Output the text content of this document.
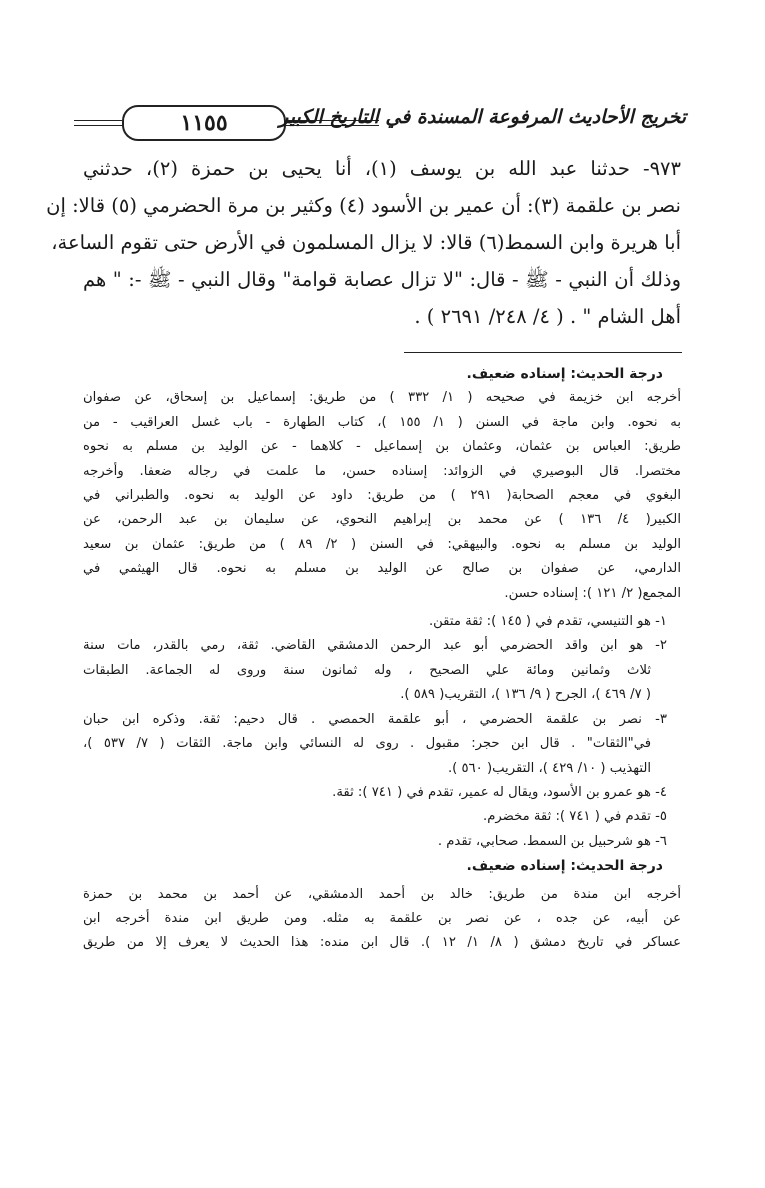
١١٥٥	تخريج الأحاديث المرفوعة المسندة في التاريخ الكبير
٩٧٣- حدثنا عبد الله بن يوسف (١)، أنا يحيى بن حمزة (٢)، حدثني
نصر بن علقمة (٣): أن عمير بن الأسود (٤) وكثير بن مرة الحضرمي (٥) قالا: إن
أبا هريرة وابن السمط(٦) قالا: لا يزال المسلمون في الأرض حتى تقوم الساعة،
وذلك أن النبي - ﷺ - قال: "لا تزال عصابة قوامة" وقال النبي - ﷺ -: " هم
أهل الشام " . ( ٤/ ٢٤٨/ ٢٦٩١ ) .
درجة الحديث: إسناده ضعيف.
أخرجه ابن خزيمة في صحيحه ( ١/ ٣٣٢ ) من طريق: إسماعيل بن إسحاق، عن صفوان
به نحوه. وابن ماجة في السنن ( ١/ ١٥٥ )، كتاب الطهارة - باب غسل العراقيب - من
طريق: العباس بن عثمان، وعثمان بن إسماعيل - كلاهما - عن الوليد بن مسلم به نحوه
مختصرا. قال البوصيري في الزوائد: إسناده حسن، ما علمت في رجاله ضعفا. وأخرجه
البغوي في معجم الصحابة( ٢٩١ ) من طريق: داود عن الوليد به نحوه. والطبراني في
الكبير( ٤/ ١٣٦ ) عن محمد بن إبراهيم النحوي، عن سليمان بن عبد الرحمن، عن
الوليد بن مسلم به نحوه. والبيهقي: في السنن ( ٢/ ٨٩ ) من طريق: عثمان بن سعيد
الدارمي، عن صفوان بن صالح عن الوليد بن مسلم به نحوه. قال الهيثمي في
المجمع( ٢/ ١٢١ ): إسناده حسن.
١- هو التنيسي، تقدم في ( ١٤٥ ): ثقة متقن.
٢- هو ابن واقد الحضرمي أبو عبد الرحمن الدمشقي القاضي. ثقة، رمي بالقدر، مات سنة
ثلاث وثمانين ومائة علي الصحيح ، وله ثمانون سنة وروى له الجماعة. الطبقات
( ٧/ ٤٦٩ )، الجرح ( ٩/ ١٣٦ )، التقريب( ٥٨٩ ).
٣- نصر بن علقمة الحضرمي ، أبو علقمة الحمصي . قال دحيم: ثقة. وذكره ابن حبان
في"الثقات" . قال ابن حجر: مقبول . روى له النسائي وابن ماجة. الثقات ( ٧/ ٥٣٧ )،
التهذيب ( ١٠/ ٤٢٩ )، التقريب( ٥٦٠ ).
٤- هو عمرو بن الأسود، ويقال له عمير، تقدم في ( ٧٤١ ): ثقة.
٥- تقدم في ( ٧٤١ ): ثقة مخضرم.
٦- هو شرحبيل بن السمط. صحابي، تقدم .
درجة الحديث: إسناده ضعيف.
أخرجه ابن مندة من طريق: خالد بن أحمد الدمشقي، عن أحمد بن محمد بن حمزة
عن أبيه، عن جده ، عن نصر بن علقمة به مثله. ومن طريق ابن مندة أخرجه ابن
عساكر في تاريخ دمشق ( ٨/ ١/ ١٢ ). قال ابن منده: هذا الحديث لا يعرف إلا من طريق
